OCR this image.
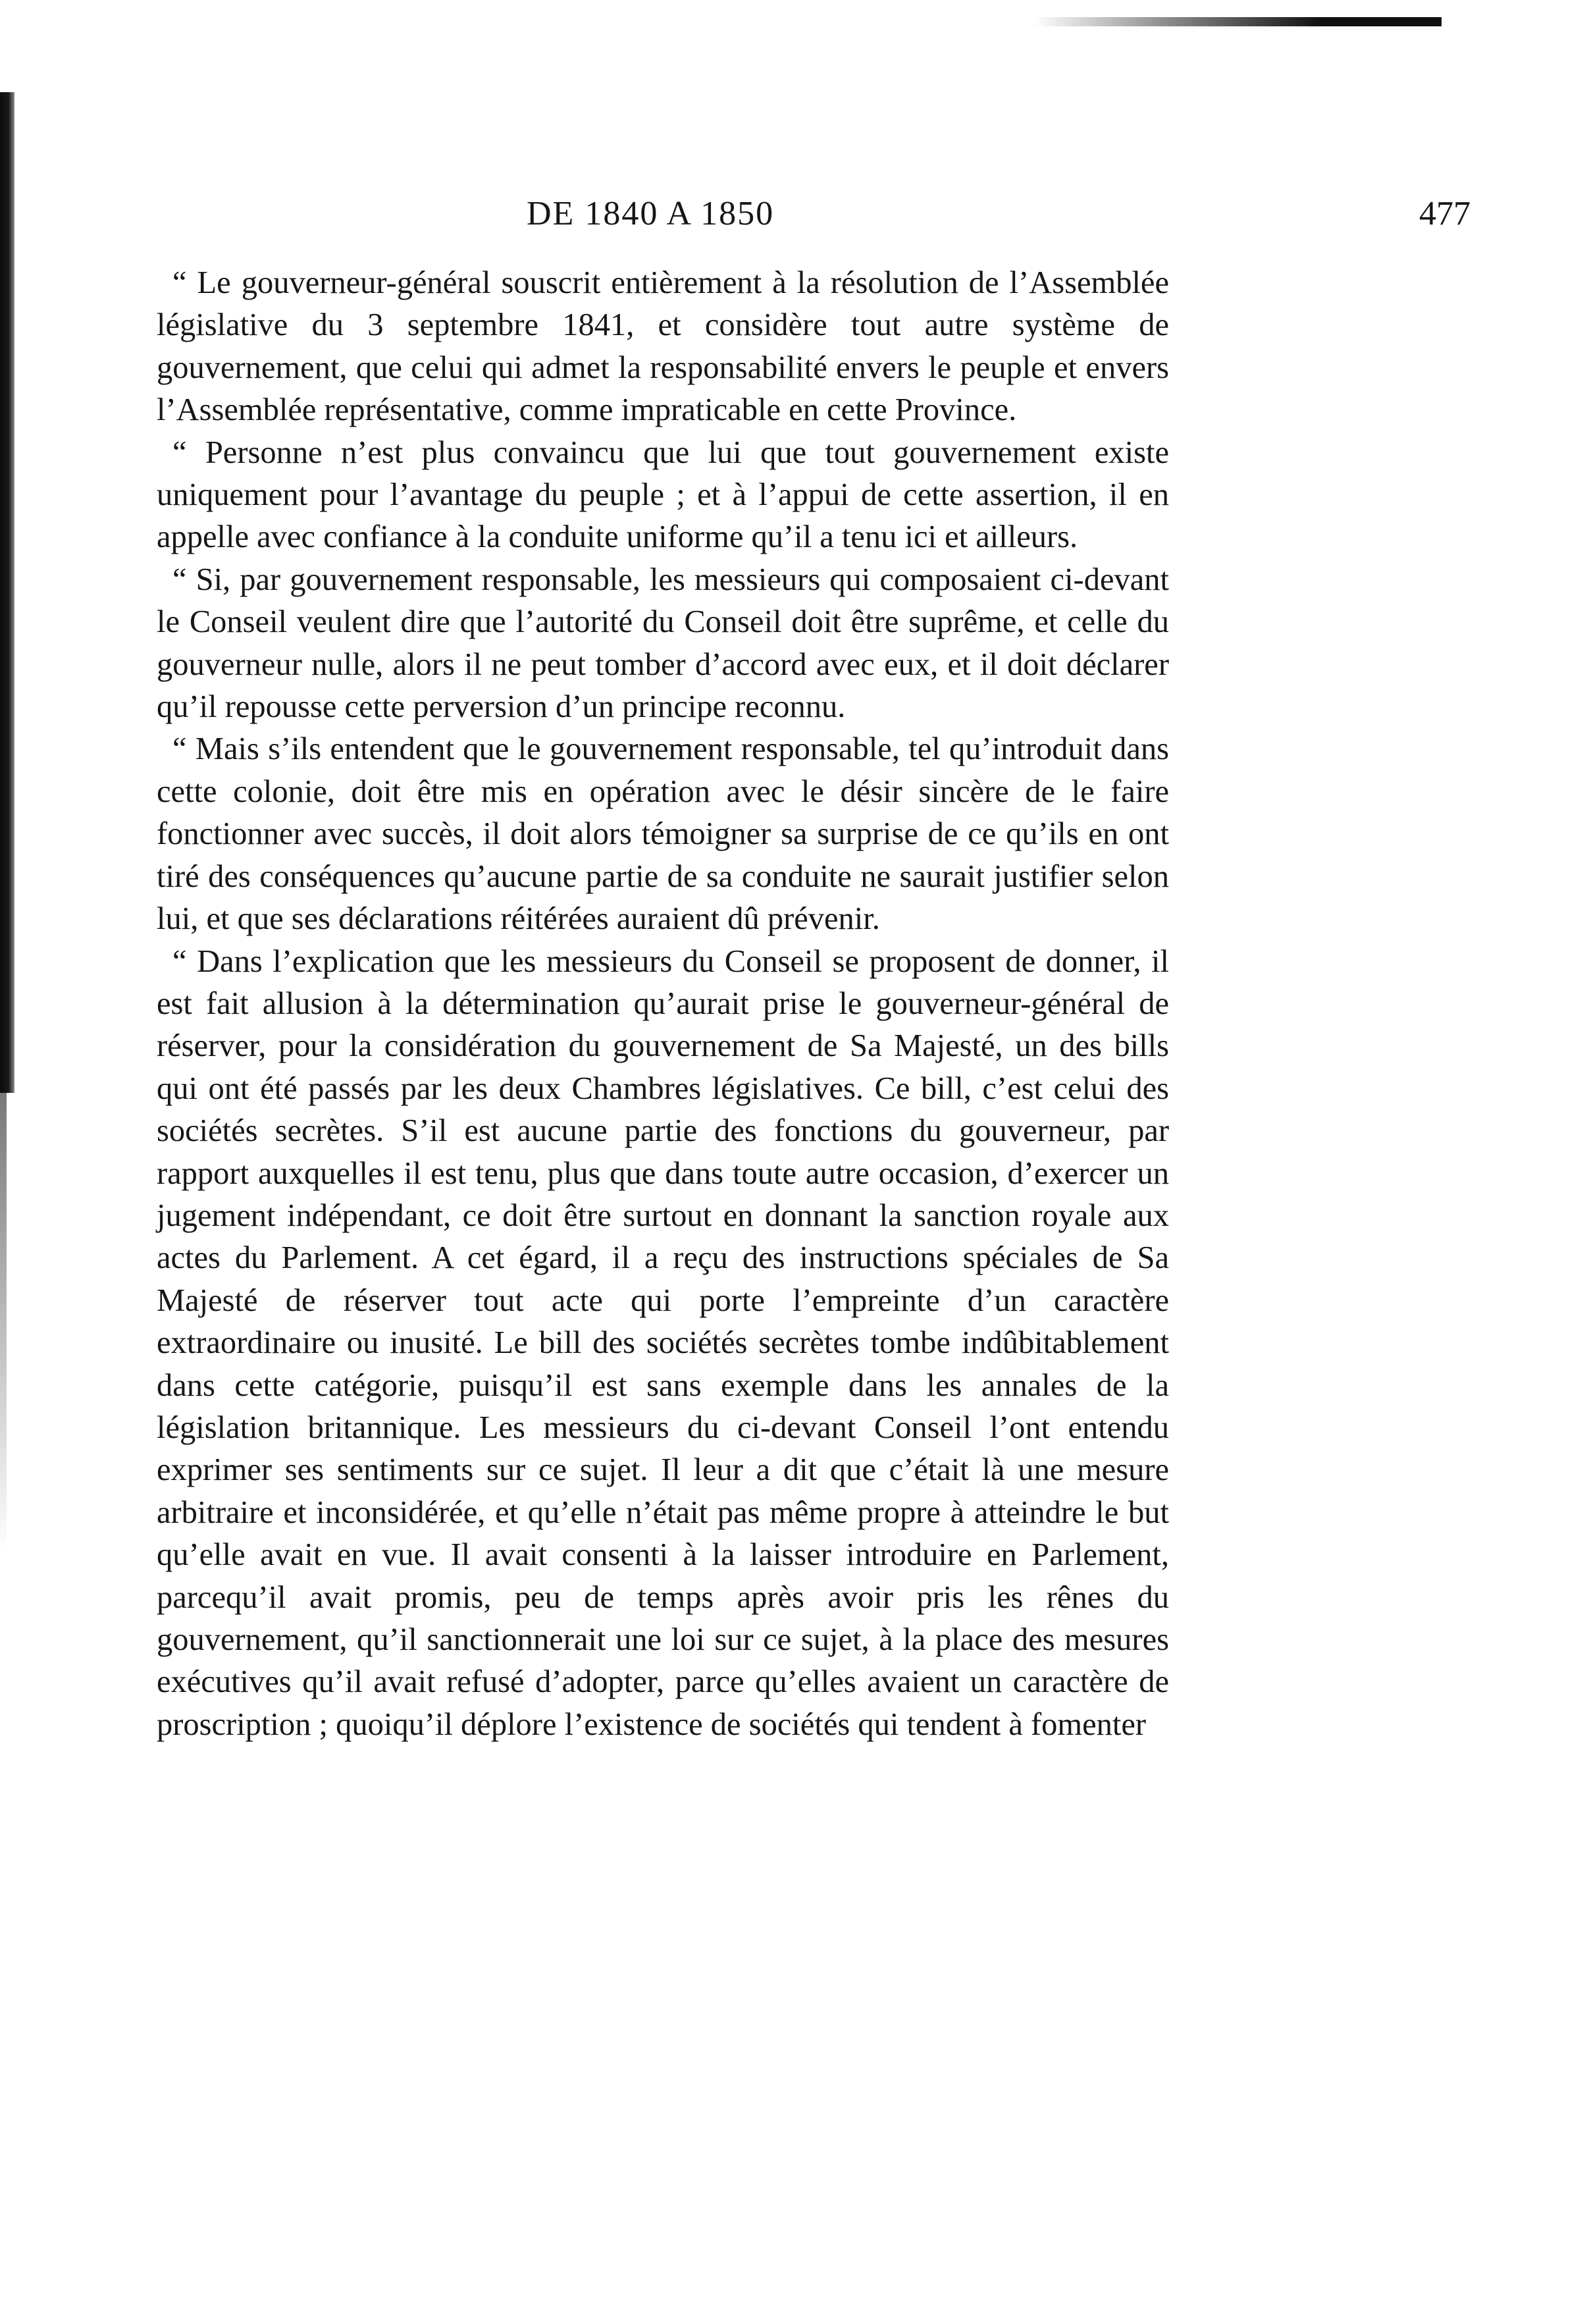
DE 1840 A 1850	477

“ Le gouverneur-général souscrit entièrement à la résolution de l’Assemblée législative du 3 septembre 1841, et considère tout autre système de gouvernement, que celui qui admet la responsabilité envers le peuple et envers l’Assemblée représentative, comme impraticable en cette Province.

“ Personne n’est plus convaincu que lui que tout gouvernement existe uniquement pour l’avantage du peuple ; et à l’appui de cette assertion, il en appelle avec confiance à la conduite uniforme qu’il a tenu ici et ailleurs.

“ Si, par gouvernement responsable, les messieurs qui composaient ci-devant le Conseil veulent dire que l’autorité du Conseil doit être suprême, et celle du gouverneur nulle, alors il ne peut tomber d’accord avec eux, et il doit déclarer qu’il repousse cette perversion d’un principe reconnu.

“ Mais s’ils entendent que le gouvernement responsable, tel qu’introduit dans cette colonie, doit être mis en opération avec le désir sincère de le faire fonctionner avec succès, il doit alors témoigner sa surprise de ce qu’ils en ont tiré des conséquences qu’aucune partie de sa conduite ne saurait justifier selon lui, et que ses déclarations réitérées auraient dû prévenir.

“ Dans l’explication que les messieurs du Conseil se proposent de donner, il est fait allusion à la détermination qu’aurait prise le gouverneur-général de réserver, pour la considération du gouvernement de Sa Majesté, un des bills qui ont été passés par les deux Chambres législatives. Ce bill, c’est celui des sociétés secrètes. S’il est aucune partie des fonctions du gouverneur, par rapport auxquelles il est tenu, plus que dans toute autre occasion, d’exercer un jugement indépendant, ce doit être surtout en donnant la sanction royale aux actes du Parlement. A cet égard, il a reçu des instructions spéciales de Sa Majesté de réserver tout acte qui porte l’empreinte d’un caractère extraordinaire ou inusité. Le bill des sociétés secrètes tombe indûbitablement dans cette catégorie, puisqu’il est sans exemple dans les annales de la législation britannique. Les messieurs du ci-devant Conseil l’ont entendu exprimer ses sentiments sur ce sujet. Il leur a dit que c’était là une mesure arbitraire et inconsidérée, et qu’elle n’était pas même propre à atteindre le but qu’elle avait en vue. Il avait consenti à la laisser introduire en Parlement, parcequ’il avait promis, peu de temps après avoir pris les rênes du gouvernement, qu’il sanctionnerait une loi sur ce sujet, à la place des mesures exécutives qu’il avait refusé d’adopter, parce qu’elles avaient un caractère de proscription ; quoiqu’il déplore l’existence de sociétés qui tendent à fomenter
